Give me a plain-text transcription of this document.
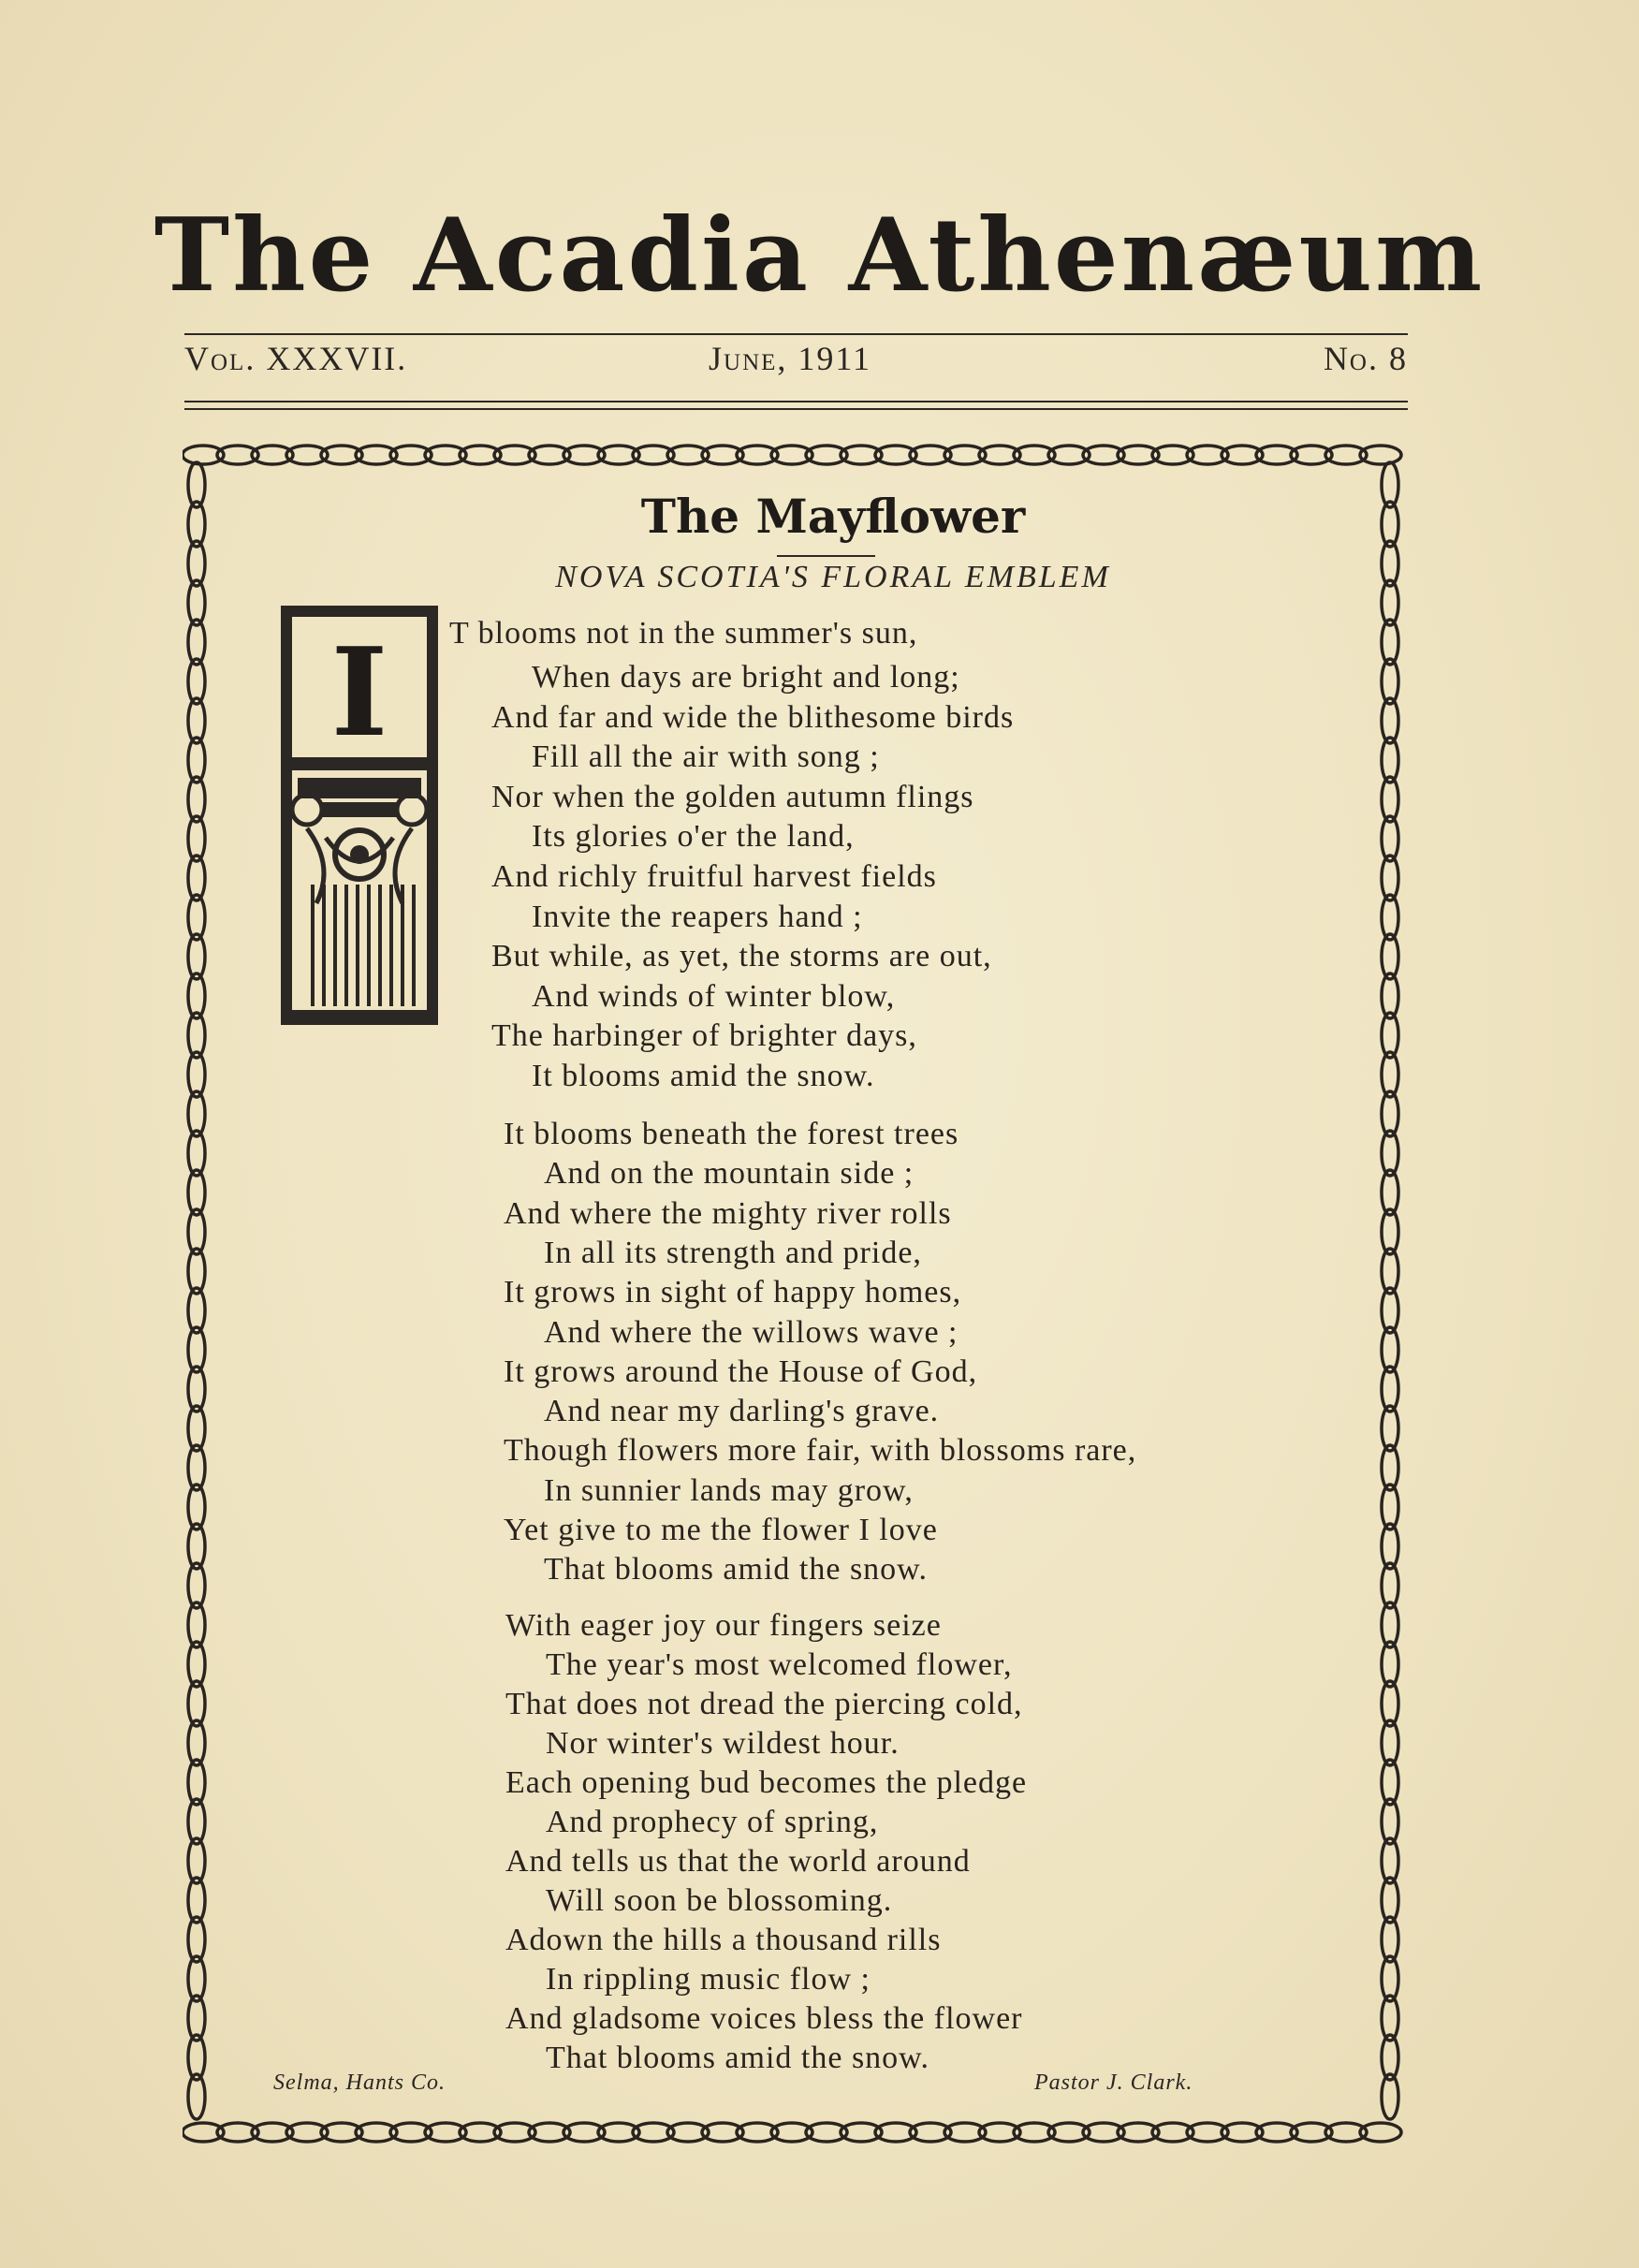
The Acadia Athenæum
Vol. XXXVII.	June, 1911	No. 8
The Mayflower
NOVA SCOTIA'S FLORAL EMBLEM
I T blooms not in the summer's sun,
When days are bright and long;
And far and wide the blithesome birds
Fill all the air with song ;
Nor when the golden autumn flings
Its glories o'er the land,
And richly fruitful harvest fields
Invite the reapers hand ;
But while, as yet, the storms are out,
And winds of winter blow,
The harbinger of brighter days,
It blooms amid the snow.
It blooms beneath the forest trees
And on the mountain side ;
And where the mighty river rolls
In all its strength and pride,
It grows in sight of happy homes,
And where the willows wave ;
It grows around the House of God,
And near my darling's grave.
Though flowers more fair, with blossoms rare,
In sunnier lands may grow,
Yet give to me the flower I love
That blooms amid the snow.
With eager joy our fingers seize
The year's most welcomed flower,
That does not dread the piercing cold,
Nor winter's wildest hour.
Each opening bud becomes the pledge
And prophecy of spring,
And tells us that the world around
Will soon be blossoming.
Adown the hills a thousand rills
In rippling music flow ;
And gladsome voices bless the flower
That blooms amid the snow.
Selma, Hants Co.	Pastor J. Clark.
